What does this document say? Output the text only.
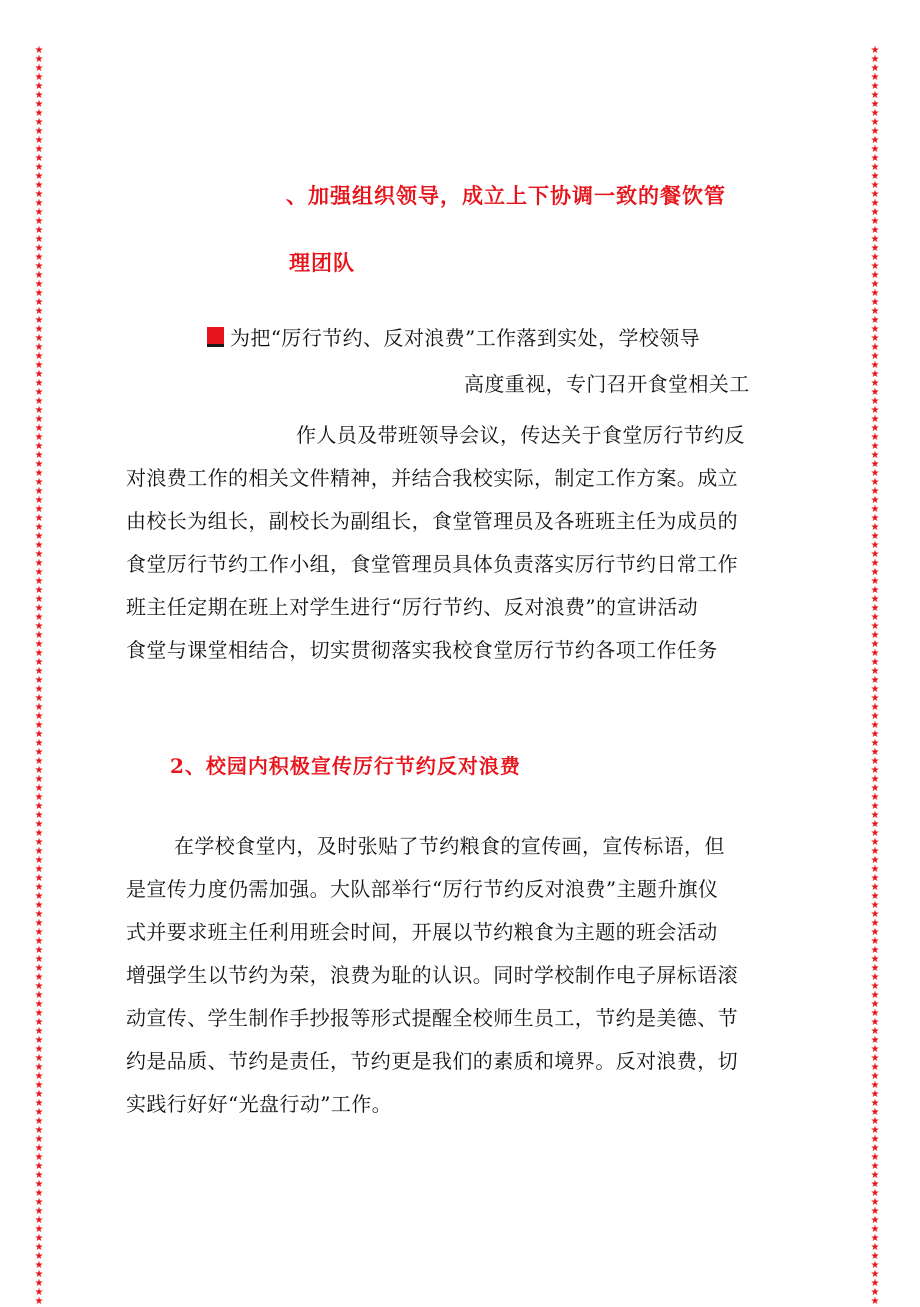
★★★★★★★★★★★★★★★★★★★★★★★★★★★★★★★★★★★★★★★★★★★★★★★★★★★★★★★★★★★★★★★★★★★★★★★★★★★★★★★★★★★★★★★★★★★★★★★★★★★★★★★★★★★★★★★★★★★★★★★★★★★★★★★★★★★★★★★★★★★★
★★★★★★★★★★★★★★★★★★★★★★★★★★★★★★★★★★★★★★★★★★★★★★★★★★★★★★★★★★★★★★★★★★★★★★★★★★★★★★★★★★★★★★★★★★★★★★★★★★★★★★★★★★★★★★★★★★★★★★★★★★★★★★★★★★★★★★★★★★★★
、加强组织领导，成立上下协调一致的餐饮管
理团队
为把“厉行节约、反对浪费”工作落到实处，学校领导
高度重视，专门召开食堂相关工
作人员及带班领导会议，传达关于食堂厉行节约反
对浪费工作的相关文件精神，并结合我校实际，制定工作方案。成立
由校长为组长，副校长为副组长，食堂管理员及各班班主任为成员的
食堂厉行节约工作小组，食堂管理员具体负责落实厉行节约日常工作
班主任定期在班上对学生进行“厉行节约、反对浪费”的宣讲活动
食堂与课堂相结合，切实贯彻落实我校食堂厉行节约各项工作任务
2、校园内积极宣传厉行节约反对浪费
在学校食堂内，及时张贴了节约粮食的宣传画，宣传标语，但
是宣传力度仍需加强。大队部举行“厉行节约反对浪费”主题升旗仪
式并要求班主任利用班会时间，开展以节约粮食为主题的班会活动
增强学生以节约为荣，浪费为耻的认识。同时学校制作电子屏标语滚
动宣传、学生制作手抄报等形式提醒全校师生员工，节约是美德、节
约是品质、节约是责任，节约更是我们的素质和境界。反对浪费，切
实践行好好“光盘行动”工作。
